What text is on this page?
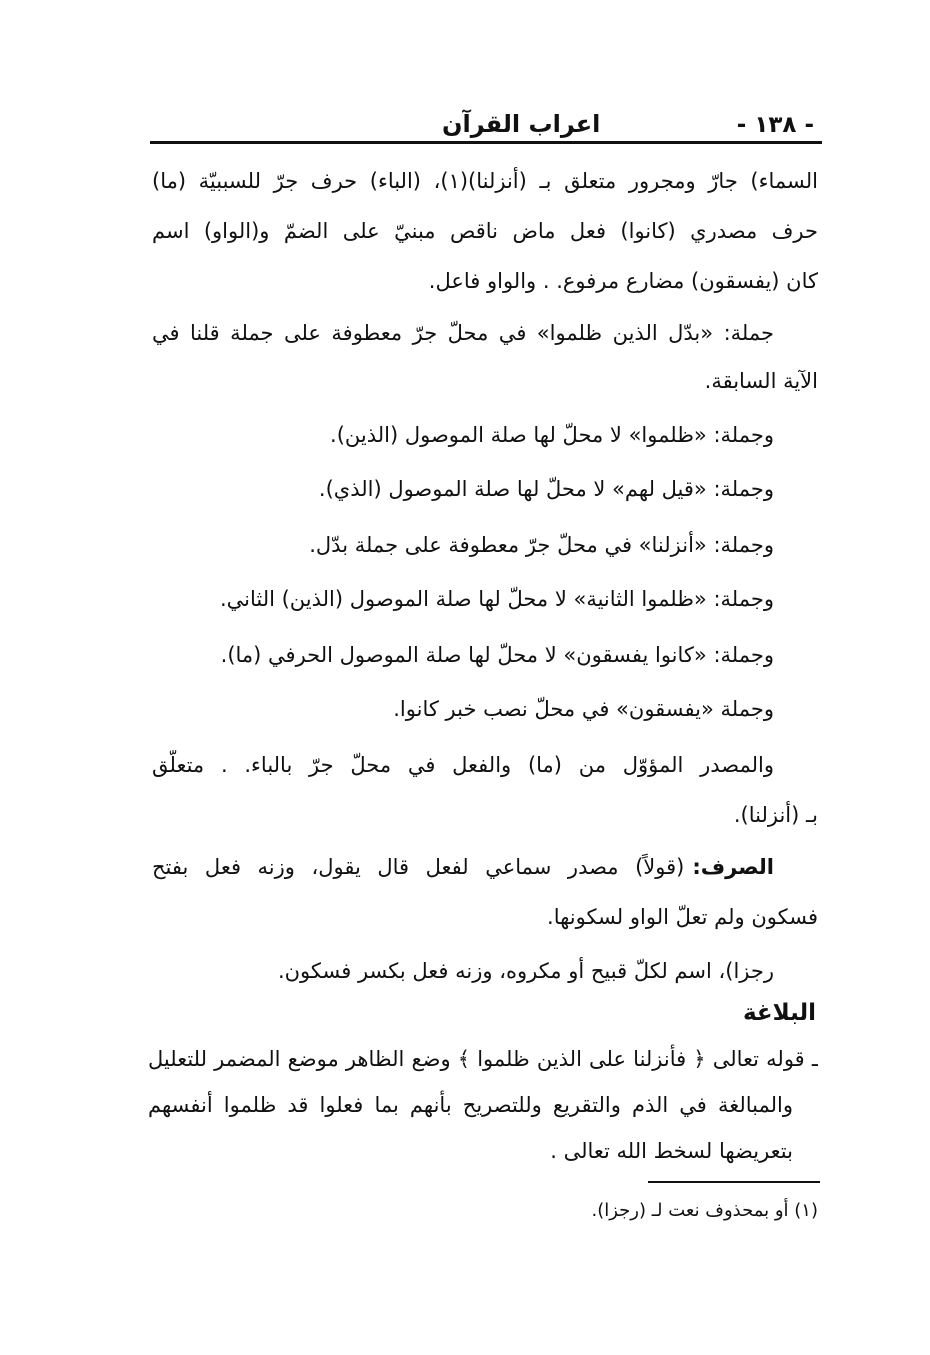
- ١٣٨ -
اعراب القرآن
السماء) جارّ ومجرور متعلق بـ (أنزلنا)(١)، (الباء) حرف جرّ للسببيّة (ما)
حرف مصدري (كانوا) فعل ماض ناقص مبنيّ على الضمّ و(الواو) اسم
كان (يفسقون) مضارع مرفوع. . والواو فاعل.
جملة: «بدّل الذين ظلموا» في محلّ جرّ معطوفة على جملة قلنا في
الآية السابقة.
وجملة: «ظلموا» لا محلّ لها صلة الموصول (الذين).
وجملة: «قيل لهم» لا محلّ لها صلة الموصول (الذي).
وجملة: «أنزلنا» في محلّ جرّ معطوفة على جملة بدّل.
وجملة: «ظلموا الثانية» لا محلّ لها صلة الموصول (الذين) الثاني.
وجملة: «كانوا يفسقون» لا محلّ لها صلة الموصول الحرفي (ما).
وجملة «يفسقون» في محلّ نصب خبر كانوا.
والمصدر المؤوّل من (ما) والفعل في محلّ جرّ بالباء. . متعلّق
بـ (أنزلنا).
الصرف:
(قولاً) مصدر سماعي لفعل قال يقول، وزنه فعل بفتح
فسكون ولم تعلّ الواو لسكونها.
رجزا)، اسم لكلّ قبيح أو مكروه، وزنه فعل بكسر فسكون.
البلاغة
ـ قوله تعالى ﴿ فأنزلنا على الذين ظلموا ﴾ وضع الظاهر موضع المضمر للتعليل
والمبالغة في الذم والتقريع وللتصريح بأنهم بما فعلوا قد ظلموا أنفسهم
بتعريضها لسخط الله تعالى .
(١) أو بمحذوف نعت لـ (رجزا).
